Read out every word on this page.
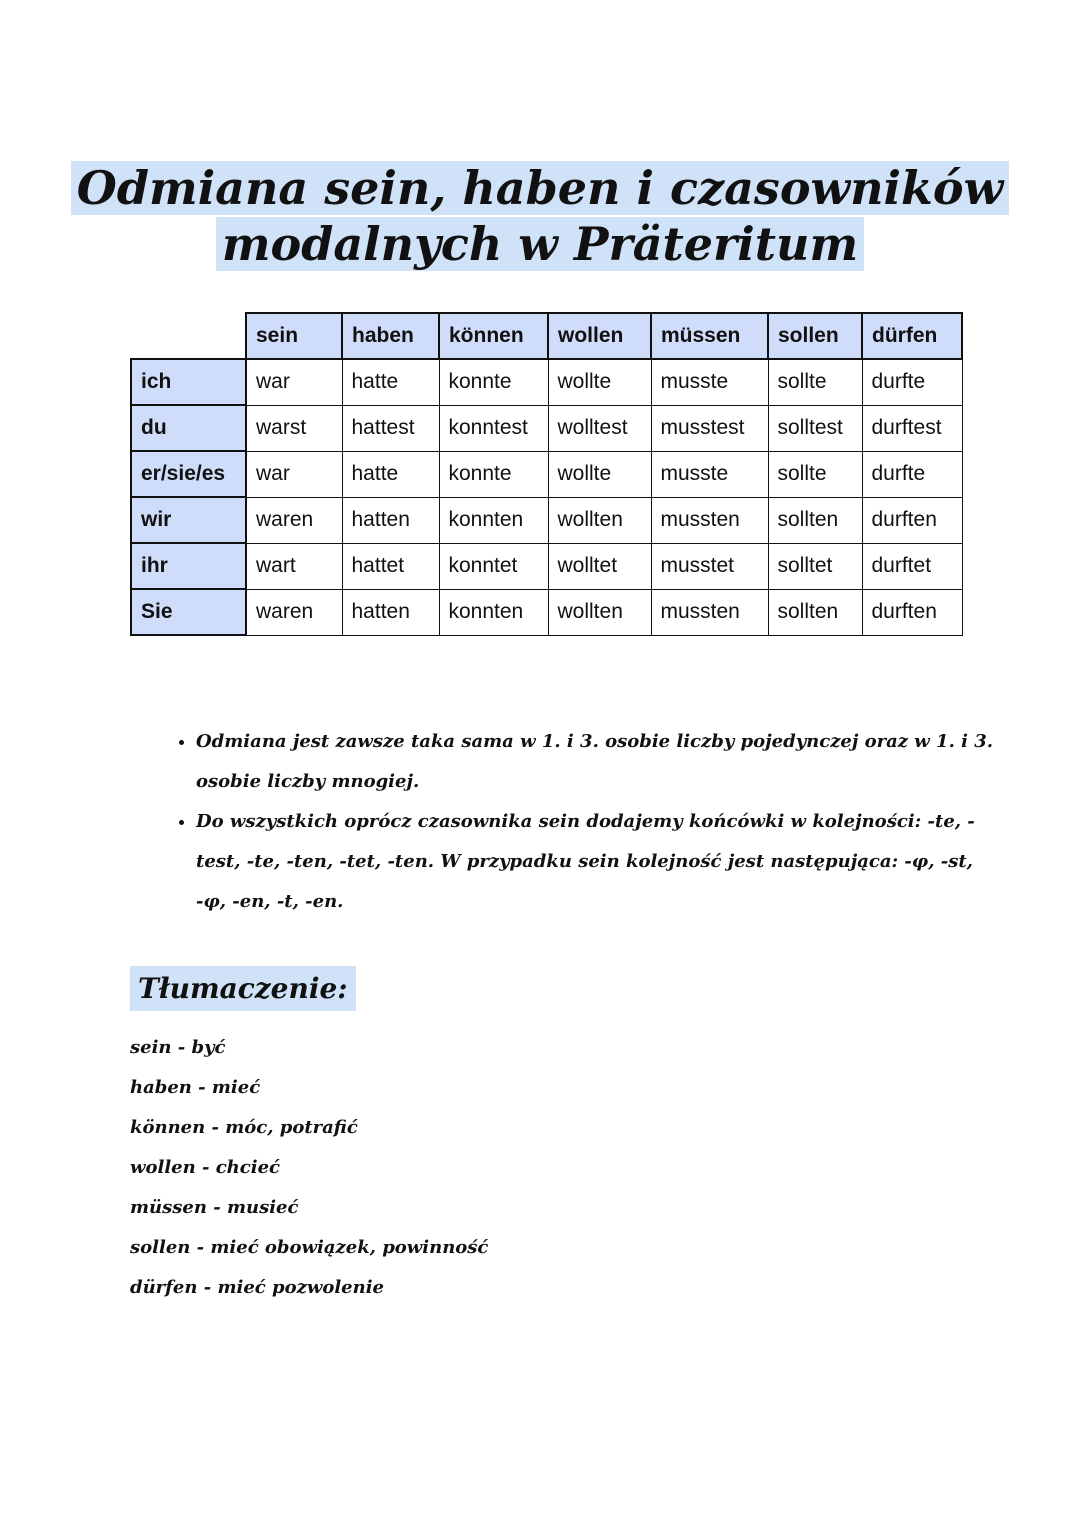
Odmiana sein, haben i czasowników
modalnych w Präteritum
	sein	haben	können	wollen	müssen	sollen	dürfen
ich	war	hatte	konnte	wollte	musste	sollte	durfte
du	warst	hattest	konntest	wolltest	musstest	solltest	durftest
er/sie/es	war	hatte	konnte	wollte	musste	sollte	durfte
wir	waren	hatten	konnten	wollten	mussten	sollten	durften
ihr	wart	hattet	konntet	wolltet	musstet	solltet	durftet
Sie	waren	hatten	konnten	wollten	mussten	sollten	durften
• Odmiana jest zawsze taka sama w 1. i 3. osobie liczby pojedynczej oraz w 1. i 3. osobie liczby mnogiej.
• Do wszystkich oprócz czasownika sein dodajemy końcówki w kolejności: -te, -test, -te, -ten, -tet, -ten. W przypadku sein kolejność jest następująca: -φ, -st, -φ, -en, -t, -en.
Tłumaczenie:
sein - być
haben - mieć
können - móc, potrafić
wollen - chcieć
müssen - musieć
sollen - mieć obowiązek, powinność
dürfen - mieć pozwolenie
